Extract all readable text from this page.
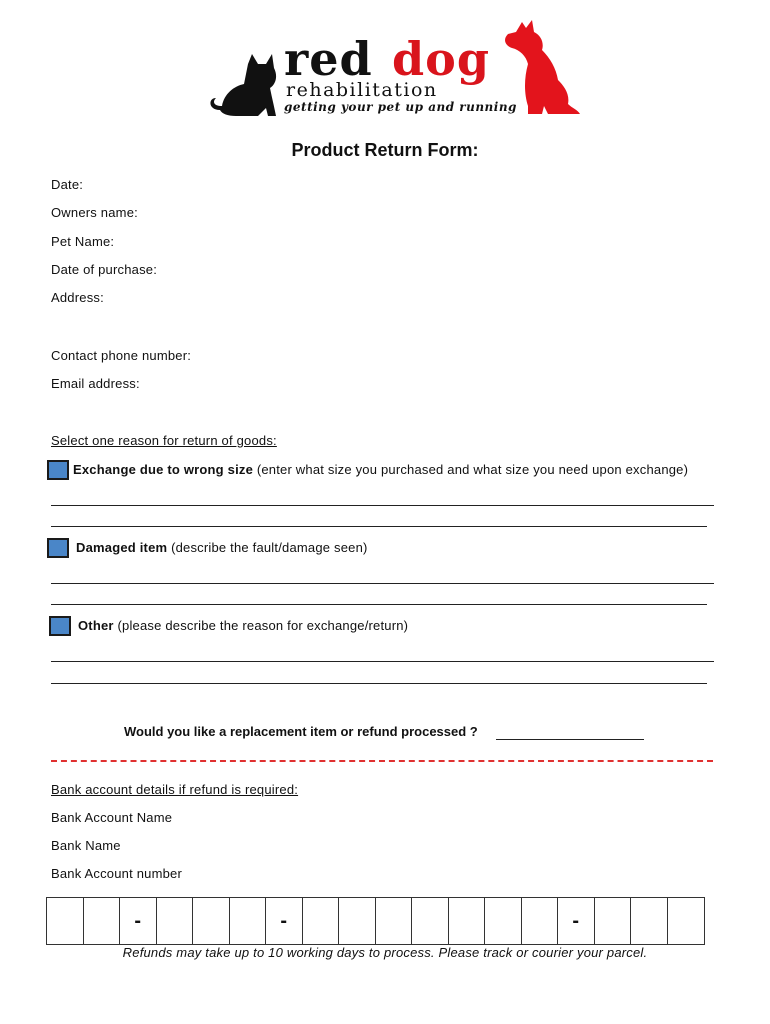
red dog
rehabilitation
getting your pet up and running
Product Return Form:
Date:
Owners name:
Pet Name:
Date of purchase:
Address:
Contact phone number:
Email address:
Select one reason for return of goods:
Exchange due to wrong size (enter what size you purchased and what size you need upon exchange)
Damaged item (describe the fault/damage seen)
Other (please describe the reason for exchange/return)
Would you like a replacement item or refund processed ?
Bank account details if refund is required:
Bank Account Name
Bank Name
Bank Account number
-	-	-
Refunds may take up to 10 working days to process. Please track or courier your parcel.
